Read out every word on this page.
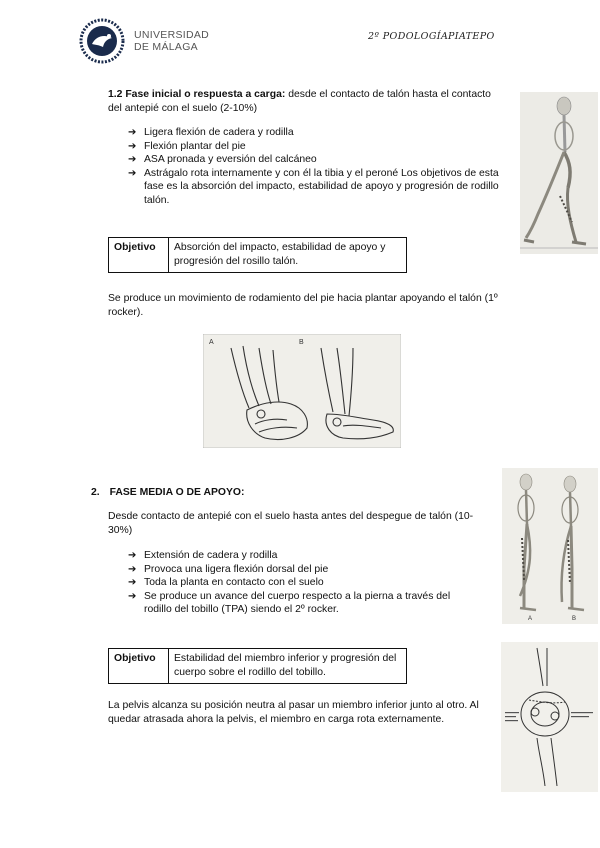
UNIVERSIDAD
DE MÁLAGA
2º PODOLOGÍA PIATEPO
1.2 Fase inicial o respuesta a carga: desde el contacto de talón hasta el contacto
del antepié con el suelo (2-10%)
➔ Ligera flexión de cadera y rodilla
➔ Flexión plantar del pie
➔ ASA pronada y eversión del calcáneo
➔ Astrágalo rota internamente y con él la tibia y el peroné Los objetivos de esta fase es la absorción del impacto, estabilidad de apoyo y progresión de rodillo talón.
Objetivo	Absorción del impacto, estabilidad de apoyo y progresión del rosillo talón.
Se produce un movimiento de rodamiento del pie hacia plantar apoyando el talón (1º rocker).
A	B
2. FASE MEDIA O DE APOYO:
Desde contacto de antepié con el suelo hasta antes del despegue de talón (10-30%)
➔ Extensión de cadera y rodilla
➔ Provoca una ligera flexión dorsal del pie
➔ Toda la planta en contacto con el suelo
➔ Se produce un avance del cuerpo respecto a la pierna a través del rodillo del tobillo (TPA) siendo el 2º rocker.
A	B
Objetivo	Estabilidad del miembro inferior y progresión del cuerpo sobre el rodillo del tobillo.
La pelvis alcanza su posición neutra al pasar un miembro inferior junto al otro. Al quedar atrasada ahora la pelvis, el miembro en carga rota externamente.
